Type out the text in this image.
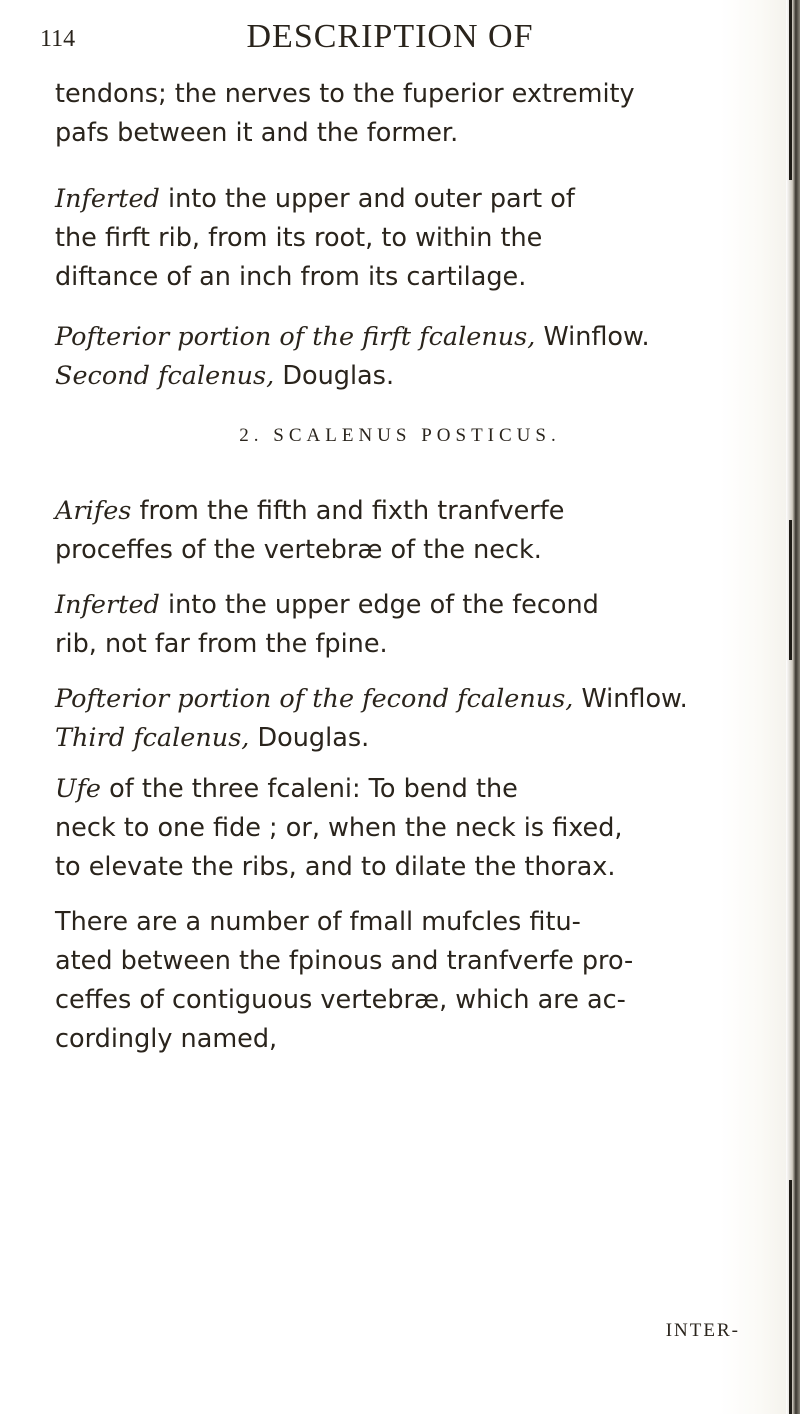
114	DESCRIPTION OF

tendons; the nerves to the fuperior extremity
pafs between it and the former.

Inferted into the upper and outer part of
the firft rib, from its root, to within the
diftance of an inch from its cartilage.

Pofterior portion of the firft fcalenus, Winflow.
Second fcalenus, Douglas.

2. SCALENUS POSTICUS.

Arifes from the fifth and fixth tranfverfe
proceffes of the vertebræ of the neck.

Inferted into the upper edge of the fecond
rib, not far from the fpine.

Pofterior portion of the fecond fcalenus, Winflow.
Third fcalenus, Douglas.

Ufe of the three fcaleni: To bend the
neck to one fide ; or, when the neck is fixed,
to elevate the ribs, and to dilate the thorax.

There are a number of fmall mufcles fitu-
ated between the fpinous and tranfverfe pro-
ceffes of contiguous vertebræ, which are ac-
cordingly named,

INTER-
